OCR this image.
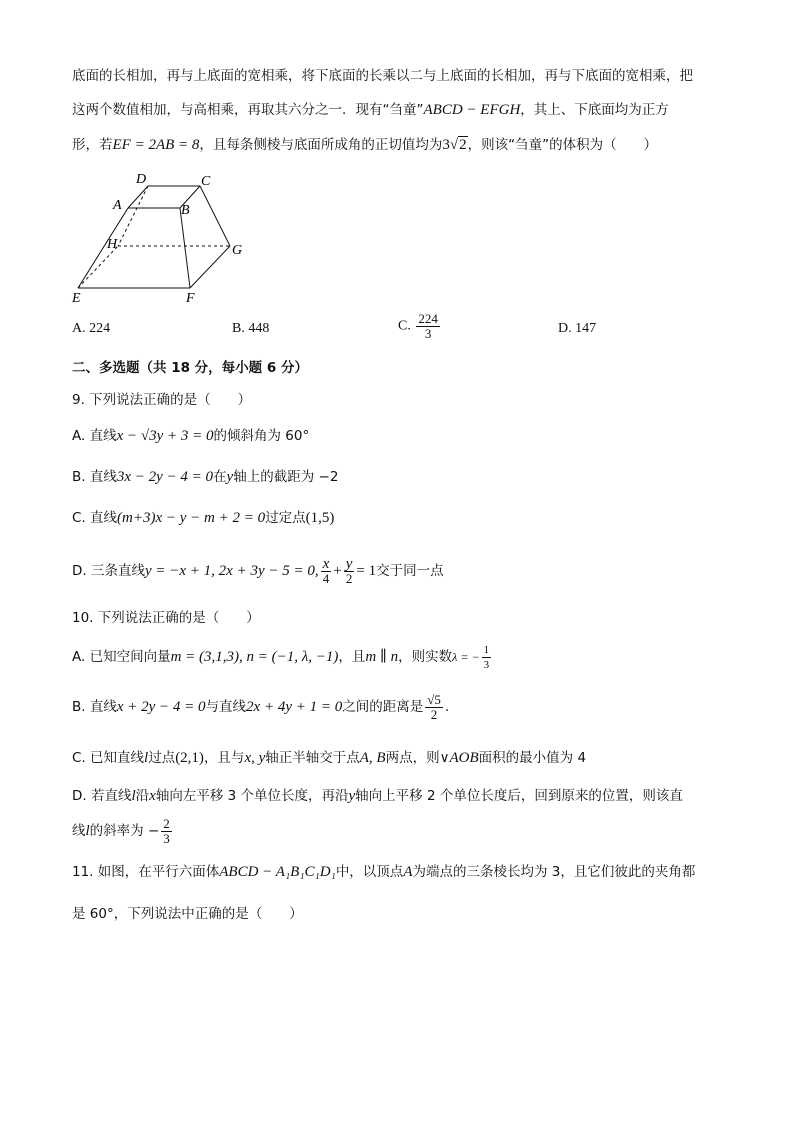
底面的长相加，再与上底面的宽相乘，将下底面的长乘以二与上底面的长相加，再与下底面的宽相乘，把
这两个数值相加，与高相乘，再取其六分之一．现有“刍童”ABCD − EFGH，其上、下底面均为正方
形，若EF = 2AB = 8，且每条侧棱与底面所成角的正切值均为3√2，则该“刍童”的体积为（　　）
D	C
A	B
H	G
E	F
A. 224	B. 448	C. $\frac{224}{3}$	D. 147
二、多选题（共 18 分，每小题 6 分）
9. 下列说法正确的是（　　）
A. 直线x − √3y + 3 = 0的倾斜角为 60°
B. 直线3x − 2y − 4 = 0在y轴上的截距为 −2
C. 直线(m+3)x − y − m + 2 = 0过定点(1,5)
D. 三条直线y = −x + 1, 2x + 3y − 5 = 0, $\frac{x}{4} + \frac{y}{2} = 1$交于同一点
10. 下列说法正确的是（　　）
A. 已知空间向量m = (3,1,3), n = (−1, λ, −1)，且m ∥ n，则实数λ = − $\frac{1}{3}$
B. 直线x + 2y − 4 = 0与直线2x + 4y + 1 = 0之间的距离是 $\frac{√5}{2}$ .
C. 已知直线l过点(2,1)，且与x, y轴正半轴交于点A, B两点，则∨AOB面积的最小值为 4
D. 若直线l沿x轴向左平移 3 个单位长度，再沿y轴向上平移 2 个单位长度后，回到原来的位置，则该直
线l的斜率为 − $\frac{2}{3}$
11. 如图，在平行六面体ABCD − A₁B₁C₁D₁中，以顶点A为端点的三条棱长均为 3，且它们彼此的夹角都
是 60°，下列说法中正确的是（　　）
